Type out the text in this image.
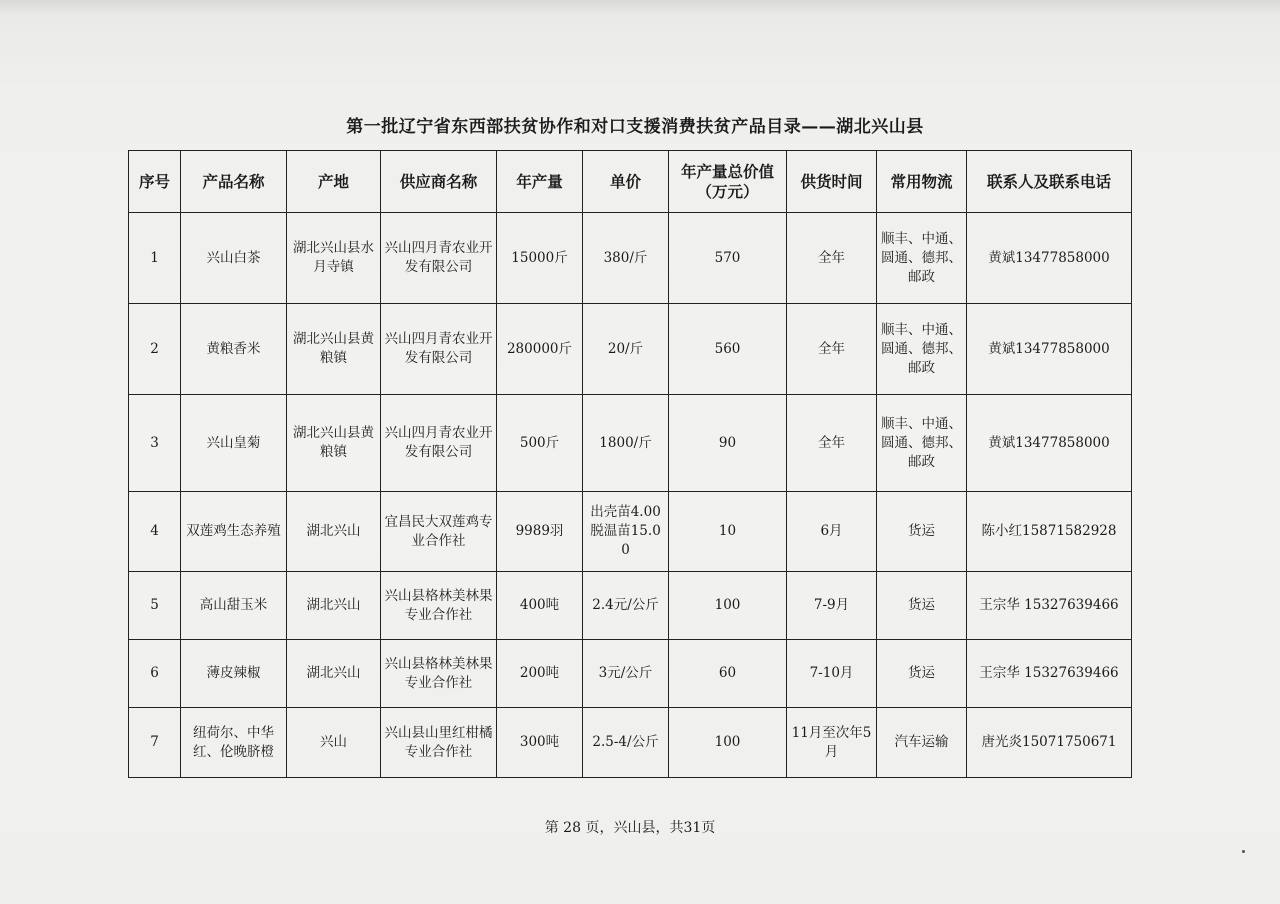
第一批辽宁省东西部扶贫协作和对口支援消费扶贫产品目录——湖北兴山县
序号	产品名称	产地	供应商名称	年产量	单价	年产量总价值（万元）	供货时间	常用物流	联系人及联系电话
1	兴山白茶	湖北兴山县水月寺镇	兴山四月青农业开发有限公司	15000斤	380/斤	570	全年	顺丰、中通、圆通、德邦、邮政	黄斌13477858000
2	黄粮香米	湖北兴山县黄粮镇	兴山四月青农业开发有限公司	280000斤	20/斤	560	全年	顺丰、中通、圆通、德邦、邮政	黄斌13477858000
3	兴山皇菊	湖北兴山县黄粮镇	兴山四月青农业开发有限公司	500斤	1800/斤	90	全年	顺丰、中通、圆通、德邦、邮政	黄斌13477858000
4	双莲鸡生态养殖	湖北兴山	宜昌民大双莲鸡专业合作社	9989羽	出壳苗4.00脱温苗15.00	10	6月	货运	陈小红15871582928
5	高山甜玉米	湖北兴山	兴山县格林美林果专业合作社	400吨	2.4元/公斤	100	7-9月	货运	王宗华 15327639466
6	薄皮辣椒	湖北兴山	兴山县格林美林果专业合作社	200吨	3元/公斤	60	7-10月	货运	王宗华 15327639466
7	纽荷尔、中华红、伦晚脐橙	兴山	兴山县山里红柑橘专业合作社	300吨	2.5-4/公斤	100	11月至次年5月	汽车运输	唐光炎15071750671
第 28 页，兴山县，共31页
